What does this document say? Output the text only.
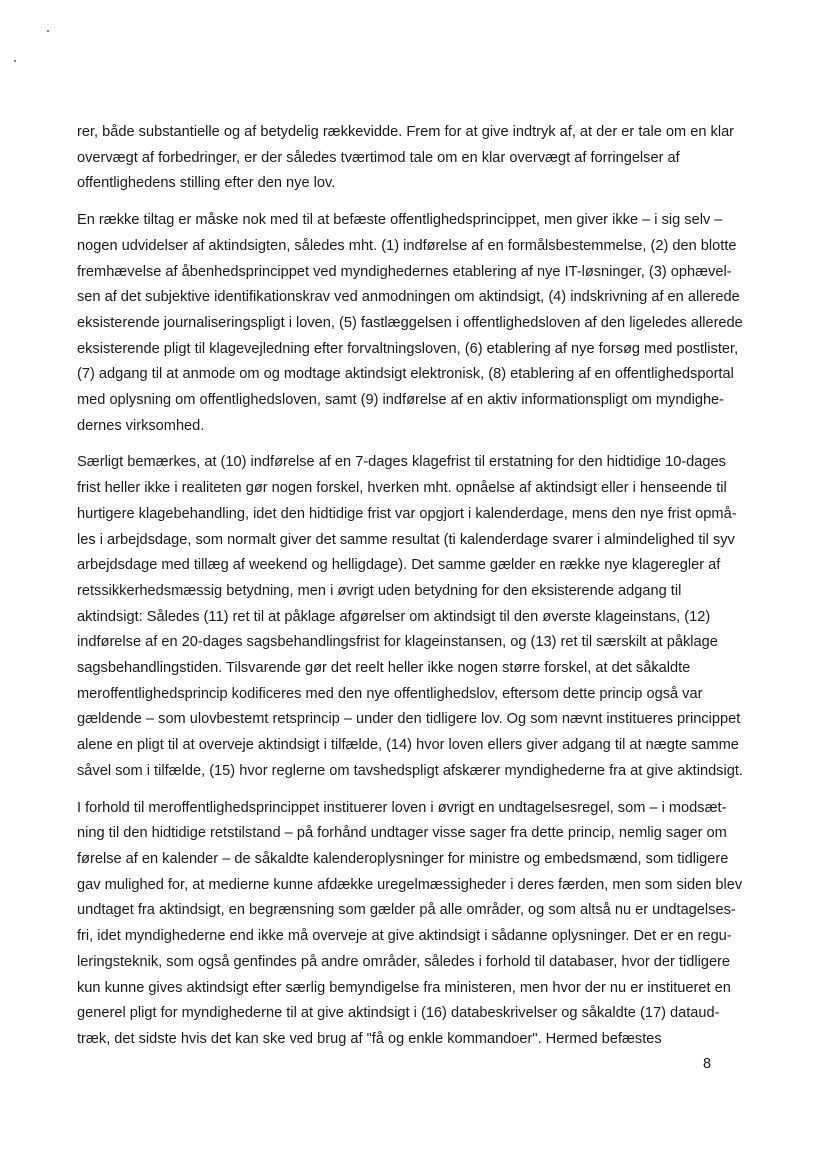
rer, både substantielle og af betydelig rækkevidde. Frem for at give indtryk af, at der er tale om en klar
overvægt af forbedringer, er der således tværtimod tale om en klar overvægt af forringelser af
offentlighedens stilling efter den nye lov.

En række tiltag er måske nok med til at befæste offentlighedsprincippet, men giver ikke – i sig selv –
nogen udvidelser af aktindsigten, således mht. (1) indførelse af en formålsbestemmelse, (2) den blotte
fremhævelse af åbenhedsprincippet ved myndighedernes etablering af nye IT-løsninger, (3) ophævel-
sen af det subjektive identifikationskrav ved anmodningen om aktindsigt, (4) indskrivning af en allerede
eksisterende journaliseringspligt i loven, (5) fastlæggelsen i offentlighedsloven af den ligeledes allerede
eksisterende pligt til klagevejledning efter forvaltningsloven, (6) etablering af nye forsøg med postlister,
(7) adgang til at anmode om og modtage aktindsigt elektronisk, (8) etablering af en offentlighedsportal
med oplysning om offentlighedsloven, samt (9) indførelse af en aktiv informationspligt om myndighe-
dernes virksomhed.

Særligt bemærkes, at (10) indførelse af en 7-dages klagefrist til erstatning for den hidtidige 10-dages
frist heller ikke i realiteten gør nogen forskel, hverken mht. opnåelse af aktindsigt eller i henseende til
hurtigere klagebehandling, idet den hidtidige frist var opgjort i kalenderdage, mens den nye frist opmå-
les i arbejdsdage, som normalt giver det samme resultat (ti kalenderdage svarer i almindelighed til syv
arbejdsdage med tillæg af weekend og helligdage). Det samme gælder en række nye klageregler af
retssikkerhedsmæssig betydning, men i øvrigt uden betydning for den eksisterende adgang til
aktindsigt: Således (11) ret til at påklage afgørelser om aktindsigt til den øverste klageinstans, (12)
indførelse af en 20-dages sagsbehandlingsfrist for klageinstansen, og (13) ret til særskilt at påklage
sagsbehandlingstiden. Tilsvarende gør det reelt heller ikke nogen større forskel, at det såkaldte
meroffentlighedsprincip kodificeres med den nye offentlighedslov, eftersom dette princip også var
gældende – som ulovbestemt retsprincip – under den tidligere lov. Og som nævnt institueres princippet
alene en pligt til at overveje aktindsigt i tilfælde, (14) hvor loven ellers giver adgang til at nægte samme
såvel som i tilfælde, (15) hvor reglerne om tavshedspligt afskærer myndighederne fra at give aktindsigt.

I forhold til meroffentlighedsprincippet instituerer loven i øvrigt en undtagelsesregel, som – i modsæt-
ning til den hidtidige retstilstand – på forhånd undtager visse sager fra dette princip, nemlig sager om
førelse af en kalender – de såkaldte kalenderoplysninger for ministre og embedsmænd, som tidligere
gav mulighed for, at medierne kunne afdække uregelmæssigheder i deres færden, men som siden blev
undtaget fra aktindsigt, en begrænsning som gælder på alle områder, og som altså nu er undtagelses-
fri, idet myndighederne end ikke må overveje at give aktindsigt i sådanne oplysninger. Det er en regu-
leringsteknik, som også genfindes på andre områder, således i forhold til databaser, hvor der tidligere
kun kunne gives aktindsigt efter særlig bemyndigelse fra ministeren, men hvor der nu er institueret en
generel pligt for myndighederne til at give aktindsigt i (16) databeskrivelser og såkaldte (17) dataud-
træk, det sidste hvis det kan ske ved brug af "få og enkle kommandoer". Hermed befæstes

8
